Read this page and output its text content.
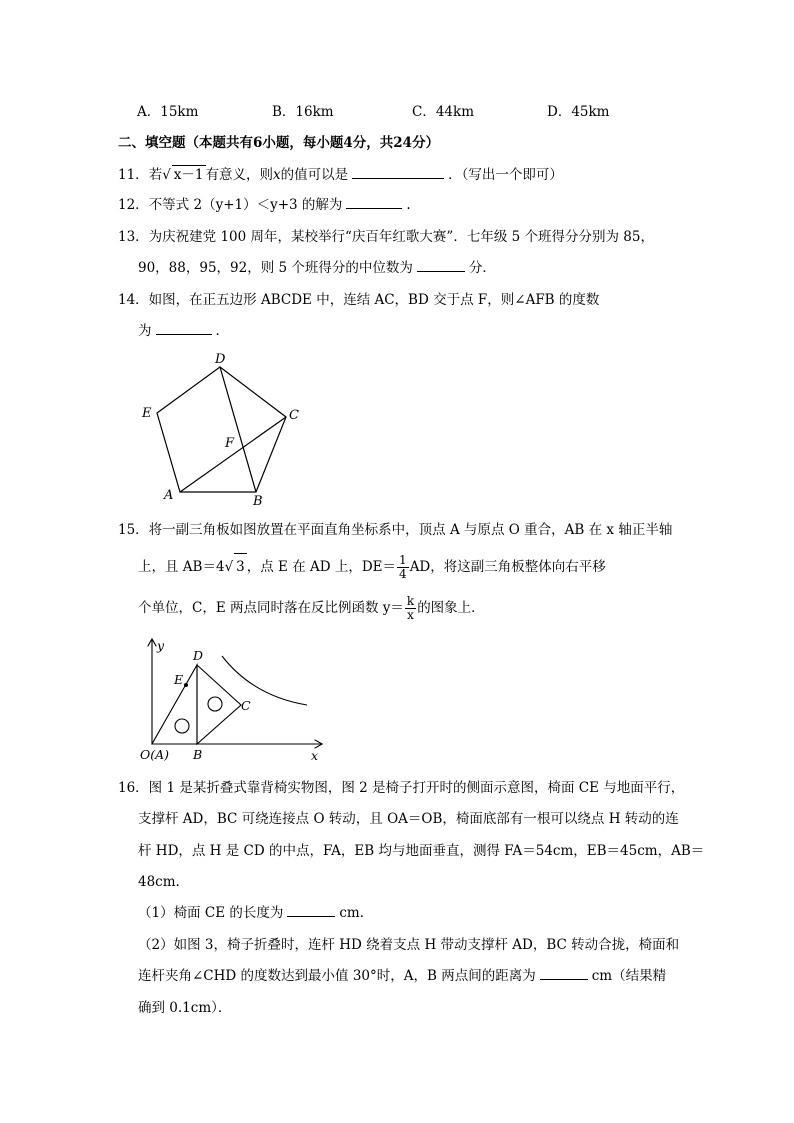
A．15km	B．16km	C．44km	D．45km
二、填空题（本题共有6小题，每小题4分，共24分）
11．若√ x－1 有意义，则x的值可以是	．（写出一个即可）
12．不等式 2（y+1）＜y+3 的解为	.
13．为庆祝建党 100 周年，某校举行“庆百年红歌大赛”．七年级 5 个班得分分别为 85，
90，88，95，92，则 5 个班得分的中位数为	分．
14．如图，在正五边形 ABCDE 中，连结 AC，BD 交于点 F，则∠AFB 的度数
为	．
D
C
E
F
A	B
15．将一副三角板如图放置在平面直角坐标系中，顶点 A 与原点 O 重合，AB 在 x 轴正半轴
上，且 AB＝4√ 3 ，点 E 在 AD 上，$DE= \frac{1}{4}$ AD，将这副三角板整体向右平移
个单位，C，E 两点同时落在反比例函数 $y= \frac{k}{x}$ 的图象上．
y
x
D
E
C
B
O(A)
16．图 1 是某折叠式靠背椅实物图，图 2 是椅子打开时的侧面示意图，椅面 CE 与地面平行，
支撑杆 AD，BC 可绕连接点 O 转动，且 OA＝OB，椅面底部有一根可以绕点 H 转动的连
杆 HD，点 H 是 CD 的中点，FA，EB 均与地面垂直，测得 FA＝54cm，EB＝45cm，AB＝
48cm．
（1）椅面 CE 的长度为	cm．
（2）如图 3，椅子折叠时，连杆 HD 绕着支点 H 带动支撑杆 AD，BC 转动合拢，椅面和
连杆夹角∠CHD 的度数达到最小值 30°时，A，B 两点间的距离为	cm（结果精
确到 0.1cm）．
